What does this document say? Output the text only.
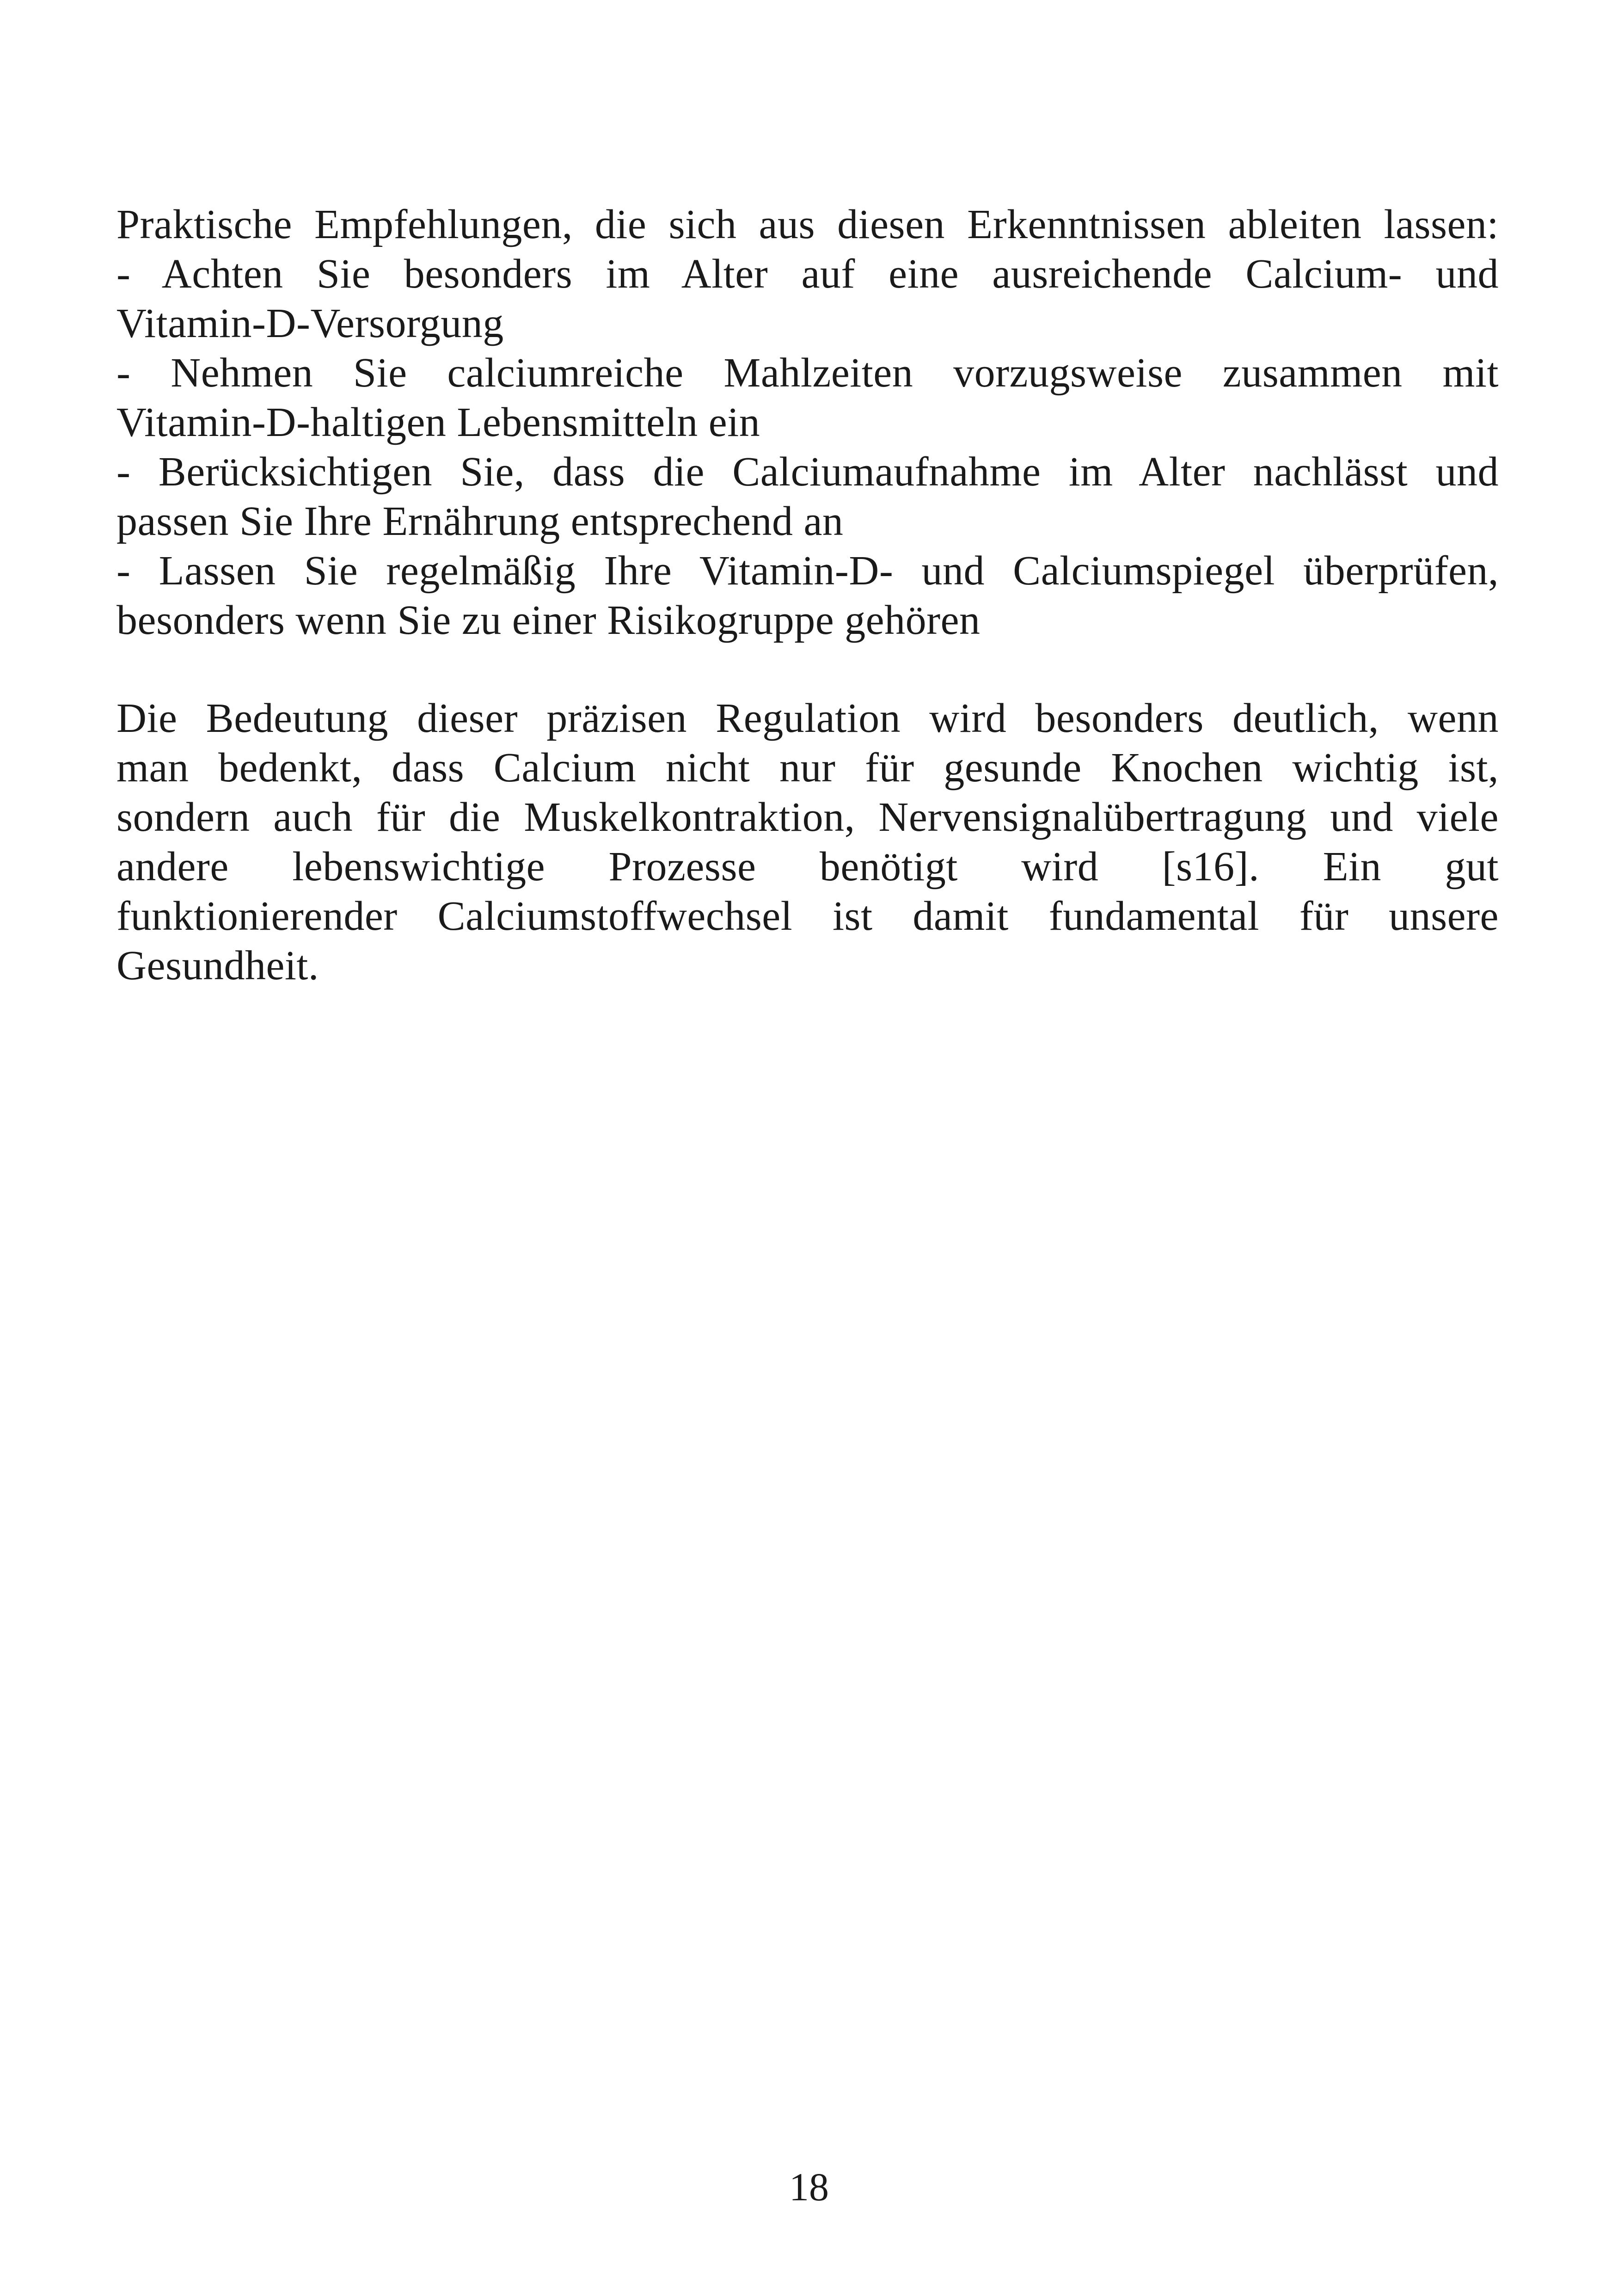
Praktische Empfehlungen, die sich aus diesen Erkenntnissen ableiten lassen:
- Achten Sie besonders im Alter auf eine ausreichende Calcium- und
Vitamin-D-Versorgung
- Nehmen Sie calciumreiche Mahlzeiten vorzugsweise zusammen mit
Vitamin-D-haltigen Lebensmitteln ein
- Berücksichtigen Sie, dass die Calciumaufnahme im Alter nachlässt und
passen Sie Ihre Ernährung entsprechend an
- Lassen Sie regelmäßig Ihre Vitamin-D- und Calciumspiegel überprüfen,
besonders wenn Sie zu einer Risikogruppe gehören
Die Bedeutung dieser präzisen Regulation wird besonders deutlich, wenn
man bedenkt, dass Calcium nicht nur für gesunde Knochen wichtig ist,
sondern auch für die Muskelkontraktion, Nervensignalübertragung und viele
andere lebenswichtige Prozesse benötigt wird [s16]. Ein gut
funktionierender Calciumstoffwechsel ist damit fundamental für unsere
Gesundheit.
18
